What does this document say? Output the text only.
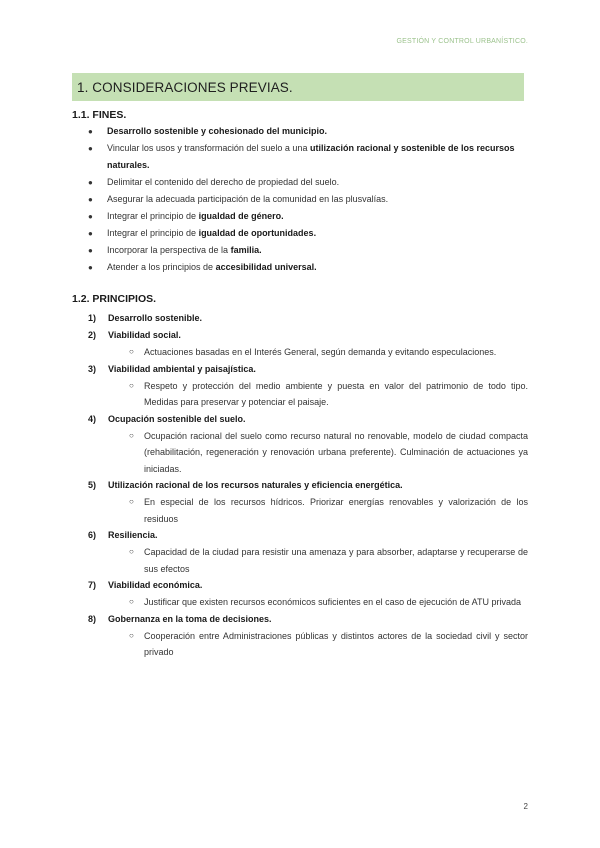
GESTIÓN Y CONTROL URBANÍSTICO.
1. CONSIDERACIONES PREVIAS.
1.1. FINES.
● Desarrollo sostenible y cohesionado del municipio.
● Vincular los usos y transformación del suelo a una utilización racional y sostenible de los recursos naturales.
● Delimitar el contenido del derecho de propiedad del suelo.
● Asegurar la adecuada participación de la comunidad en las plusvalías.
● Integrar el principio de igualdad de género.
● Integrar el principio de igualdad de oportunidades.
● Incorporar la perspectiva de la familia.
● Atender a los principios de accesibilidad universal.
1.2. PRINCIPIOS.
1) Desarrollo sostenible.
2) Viabilidad social.
○ Actuaciones basadas en el Interés General, según demanda y evitando especulaciones.
3) Viabilidad ambiental y paisajística.
○ Respeto y protección del medio ambiente y puesta en valor del patrimonio de todo tipo. Medidas para preservar y potenciar el paisaje.
4) Ocupación sostenible del suelo.
○ Ocupación racional del suelo como recurso natural no renovable, modelo de ciudad compacta (rehabilitación, regeneración y renovación urbana preferente). Culminación de actuaciones ya iniciadas.
5) Utilización racional de los recursos naturales y eficiencia energética.
○ En especial de los recursos hídricos. Priorizar energías renovables y valorización de los residuos
6) Resiliencia.
○ Capacidad de la ciudad para resistir una amenaza y para absorber, adaptarse y recuperarse de sus efectos
7) Viabilidad económica.
○ Justificar que existen recursos económicos suficientes en el caso de ejecución de ATU privada
8) Gobernanza en la toma de decisiones.
○ Cooperación entre Administraciones públicas y distintos actores de la sociedad civil y sector privado
2
